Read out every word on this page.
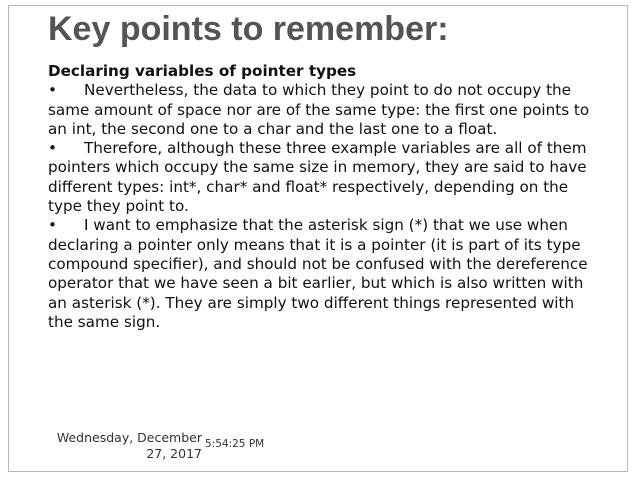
Key points to remember:
Declaring variables of pointer types

• Nevertheless, the data to which they point to do not occupy the same amount of space nor are of the same type: the first one points to an int, the second one to a char and the last one to a float.

• Therefore, although these three example variables are all of them pointers which occupy the same size in memory, they are said to have different types: int*, char* and float* respectively, depending on the type they point to.

• I want to emphasize that the asterisk sign (*) that we use when declaring a pointer only means that it is a pointer (it is part of its type compound specifier), and should not be confused with the dereference operator that we have seen a bit earlier, but which is also written with an asterisk (*). They are simply two different things represented with the same sign.

Wednesday, December
27, 2017
5:54:25 PM
